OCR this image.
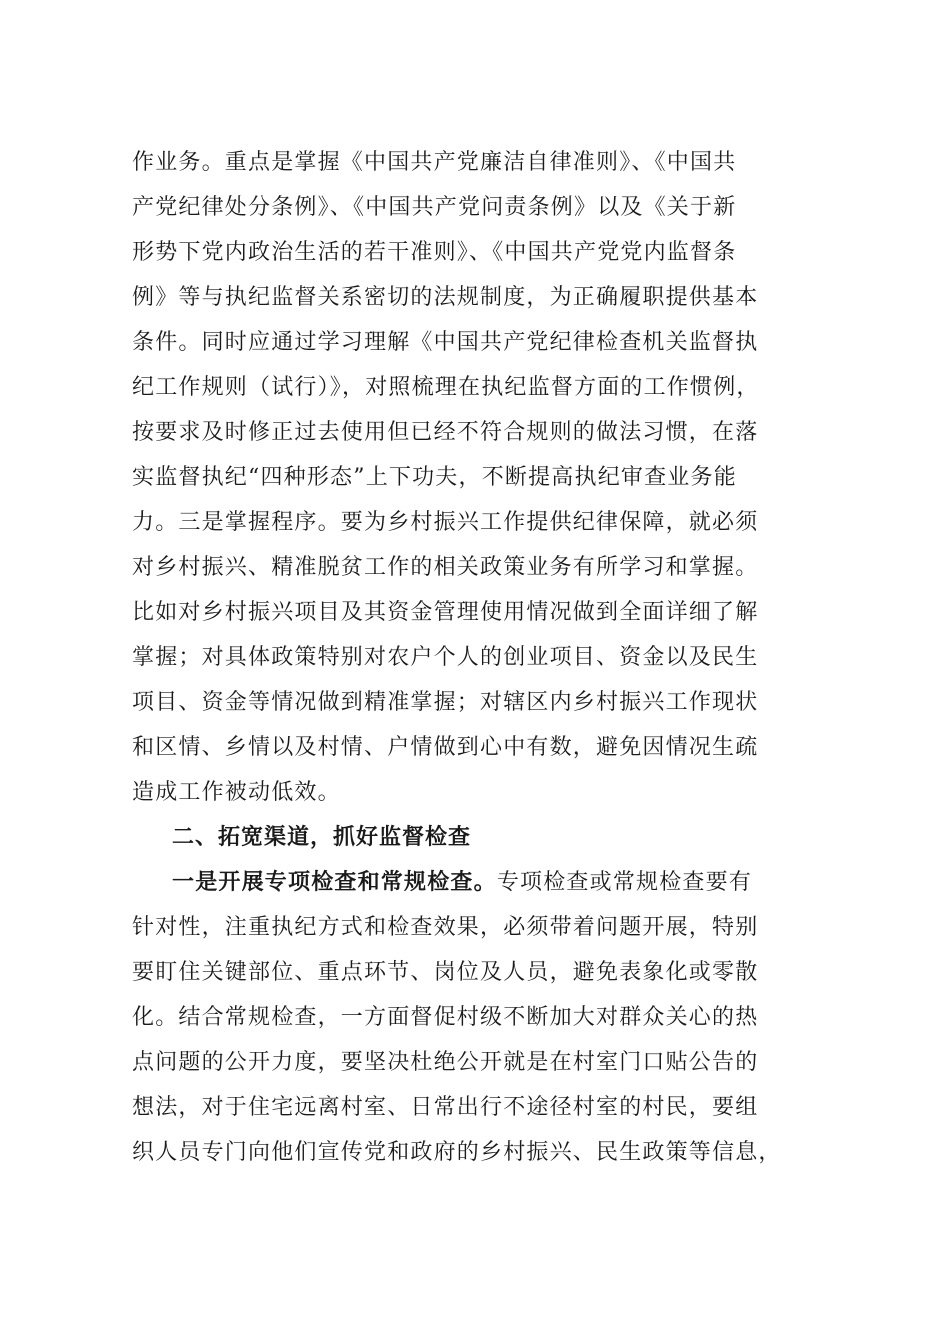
作业务。重点是掌握《中国共产党廉洁自律准则》、《中国共
产党纪律处分条例》、《中国共产党问责条例》以及《关于新
形势下党内政治生活的若干准则》、《中国共产党党内监督条
例》等与执纪监督关系密切的法规制度，为正确履职提供基本
条件。同时应通过学习理解《中国共产党纪律检查机关监督执
纪工作规则（试行）》，对照梳理在执纪监督方面的工作惯例，
按要求及时修正过去使用但已经不符合规则的做法习惯，在落
实监督执纪“四种形态”上下功夫，不断提高执纪审查业务能
力。三是掌握程序。要为乡村振兴工作提供纪律保障，就必须
对乡村振兴、精准脱贫工作的相关政策业务有所学习和掌握。
比如对乡村振兴项目及其资金管理使用情况做到全面详细了解
掌握；对具体政策特别对农户个人的创业项目、资金以及民生
项目、资金等情况做到精准掌握；对辖区内乡村振兴工作现状
和区情、乡情以及村情、户情做到心中有数，避免因情况生疏
造成工作被动低效。
二、拓宽渠道，抓好监督检查
一是开展专项检查和常规检查。专项检查或常规检查要有
针对性，注重执纪方式和检查效果，必须带着问题开展，特别
要盯住关键部位、重点环节、岗位及人员，避免表象化或零散
化。结合常规检查，一方面督促村级不断加大对群众关心的热
点问题的公开力度，要坚决杜绝公开就是在村室门口贴公告的
想法，对于住宅远离村室、日常出行不途径村室的村民，要组
织人员专门向他们宣传党和政府的乡村振兴、民生政策等信息，
